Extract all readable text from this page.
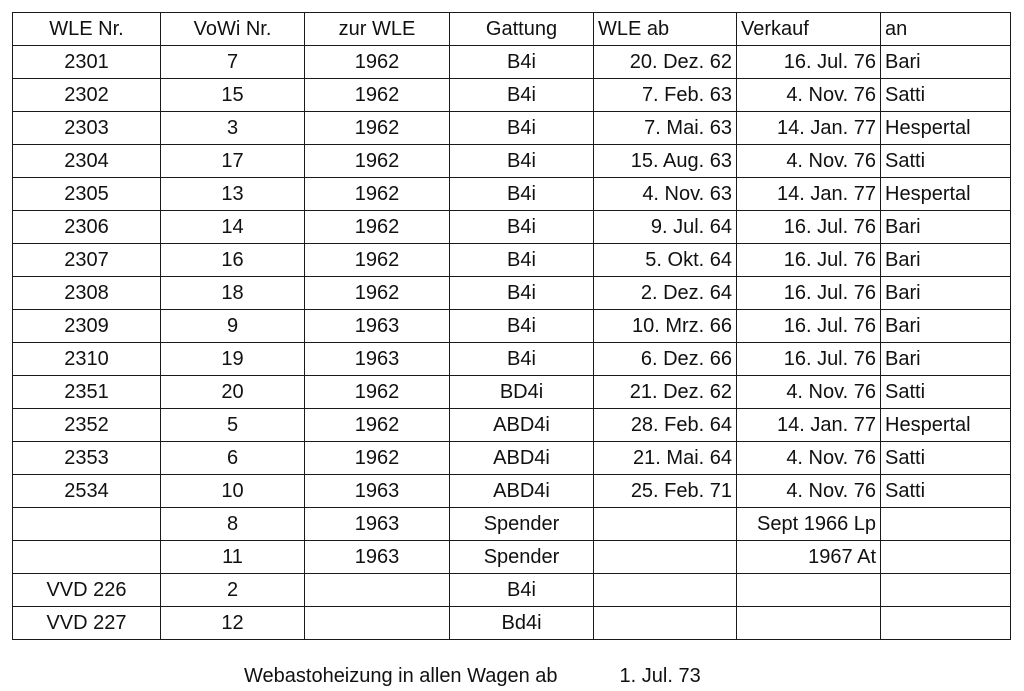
WLE Nr.	VoWi Nr.	zur WLE	Gattung	WLE ab	Verkauf	an
2301	7	1962	B4i	20. Dez. 62	16. Jul. 76	Bari
2302	15	1962	B4i	7. Feb. 63	4. Nov. 76	Satti
2303	3	1962	B4i	7. Mai. 63	14. Jan. 77	Hespertal
2304	17	1962	B4i	15. Aug. 63	4. Nov. 76	Satti
2305	13	1962	B4i	4. Nov. 63	14. Jan. 77	Hespertal
2306	14	1962	B4i	9. Jul. 64	16. Jul. 76	Bari
2307	16	1962	B4i	5. Okt. 64	16. Jul. 76	Bari
2308	18	1962	B4i	2. Dez. 64	16. Jul. 76	Bari
2309	9	1963	B4i	10. Mrz. 66	16. Jul. 76	Bari
2310	19	1963	B4i	6. Dez. 66	16. Jul. 76	Bari
2351	20	1962	BD4i	21. Dez. 62	4. Nov. 76	Satti
2352	5	1962	ABD4i	28. Feb. 64	14. Jan. 77	Hespertal
2353	6	1962	ABD4i	21. Mai. 64	4. Nov. 76	Satti
2534	10	1963	ABD4i	25. Feb. 71	4. Nov. 76	Satti
	8	1963	Spender		Sept 1966 Lp	
	11	1963	Spender		1967 At	
VVD 226	2		B4i			
VVD 227	12		Bd4i			
Webastoheizung in allen Wagen ab	1. Jul. 73
